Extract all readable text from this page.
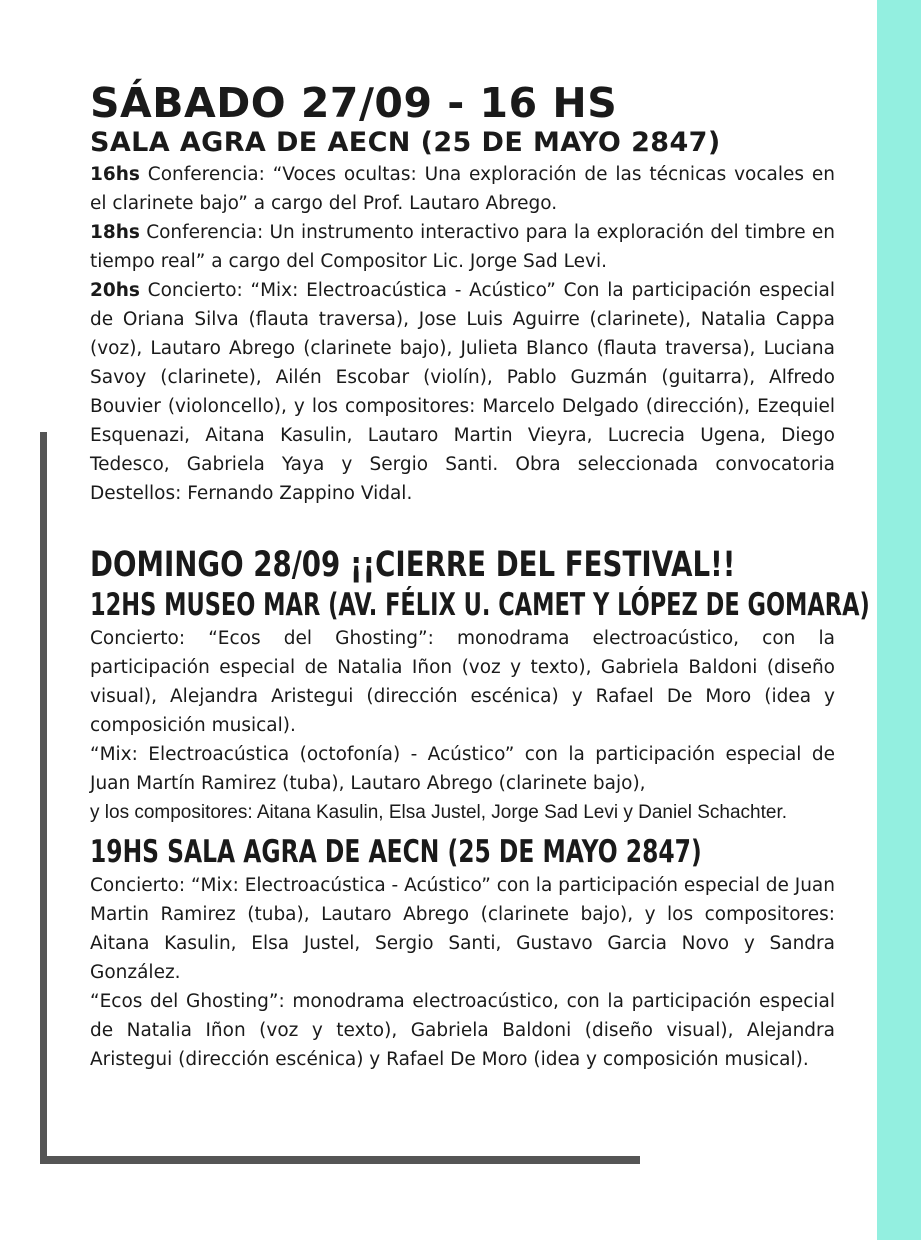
SÁBADO 27/09 - 16 HS
SALA AGRA DE AECN (25 DE MAYO 2847)

16hs Conferencia: “Voces ocultas: Una exploración de las técnicas vocales en el clarinete bajo” a cargo del Prof. Lautaro Abrego.

18hs Conferencia: Un instrumento interactivo para la exploración del timbre en tiempo real” a cargo del Compositor Lic. Jorge Sad Levi.

20hs Concierto: “Mix: Electroacústica - Acústico” Con la participación especial de Oriana Silva (flauta traversa), Jose Luis Aguirre (clarinete), Natalia Cappa (voz), Lautaro Abrego (clarinete bajo), Julieta Blanco (flauta traversa), Luciana Savoy (clarinete), Ailén Escobar (violín), Pablo Guzmán (guitarra), Alfredo Bouvier (violoncello), y los compositores: Marcelo Delgado (dirección), Ezequiel Esquenazi, Aitana Kasulin, Lautaro Martin Vieyra, Lucrecia Ugena, Diego Tedesco, Gabriela Yaya y Sergio Santi. Obra seleccionada convocatoria Destellos: Fernando Zappino Vidal.

DOMINGO 28/09 ¡¡CIERRE DEL FESTIVAL!!
12HS MUSEO MAR (AV. FÉLIX U. CAMET Y LÓPEZ DE GOMARA)

Concierto: “Ecos del Ghosting”: monodrama electroacústico, con la participación especial de Natalia Iñon (voz y texto), Gabriela Baldoni (diseño visual), Alejandra Aristegui (dirección escénica) y Rafael De Moro (idea y composición musical).

“Mix: Electroacústica (octofonía) - Acústico” con la participación especial de Juan Martín Ramirez (tuba), Lautaro Abrego (clarinete bajo),

y los compositores: Aitana Kasulin, Elsa Justel, Jorge Sad Levi y Daniel Schachter.

19HS SALA AGRA DE AECN (25 DE MAYO 2847)

Concierto: “Mix: Electroacústica - Acústico” con la participación especial de Juan Martin Ramirez (tuba), Lautaro Abrego (clarinete bajo), y los compositores: Aitana Kasulin, Elsa Justel, Sergio Santi, Gustavo Garcia Novo y Sandra González.

“Ecos del Ghosting”: monodrama electroacústico, con la participación especial de Natalia Iñon (voz y texto), Gabriela Baldoni (diseño visual), Alejandra Aristegui (dirección escénica) y Rafael De Moro (idea y composición musical).
